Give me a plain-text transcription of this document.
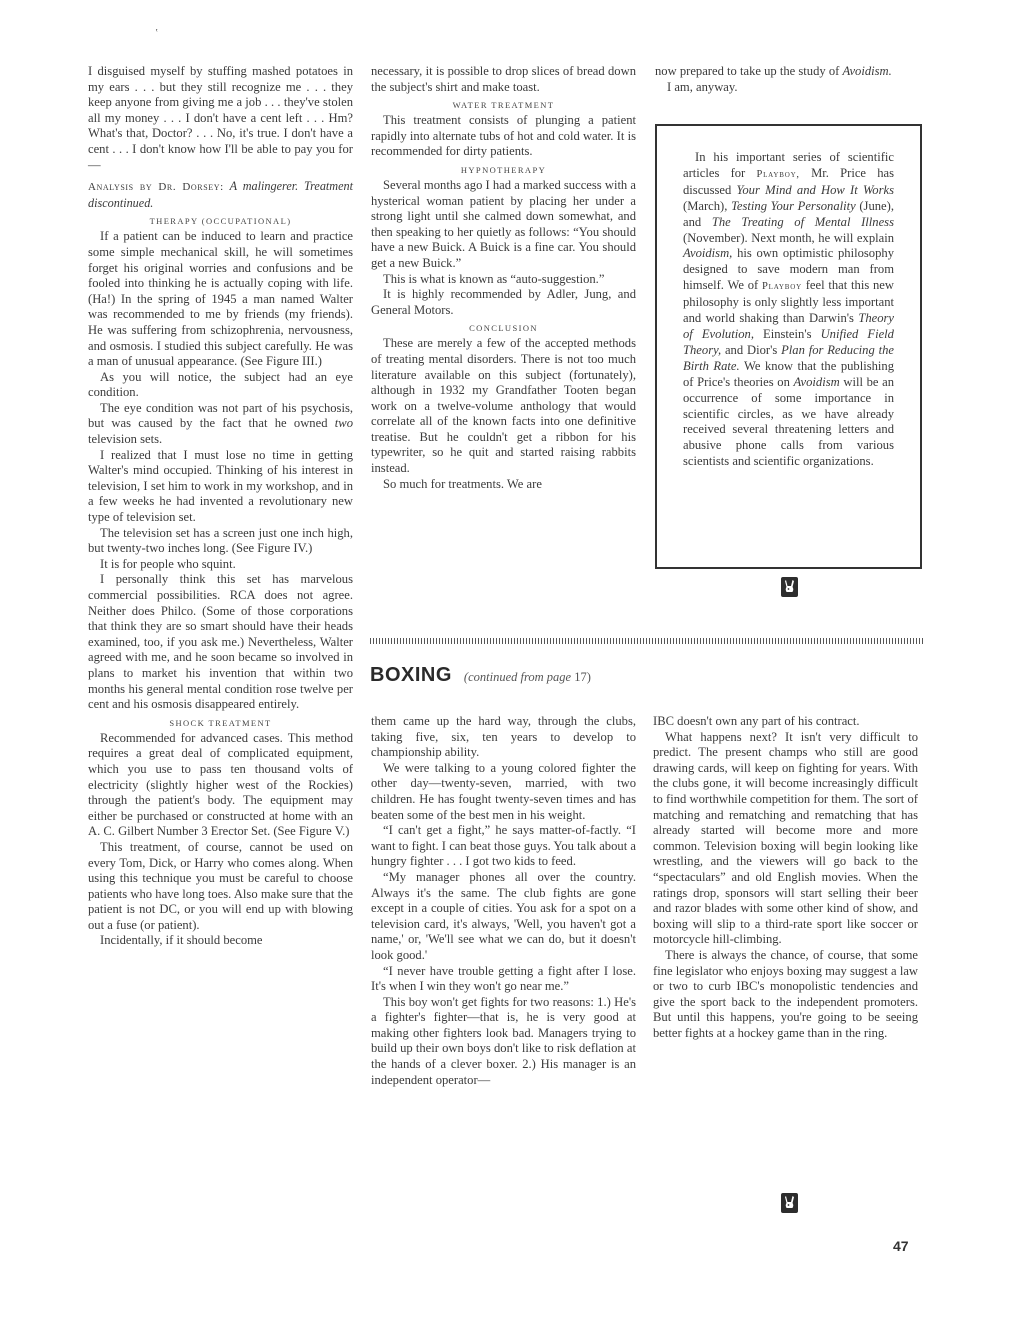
ʽ

I disguised myself by stuffing mashed potatoes in my ears . . . but they still recognize me . . . they keep anyone from giving me a job . . . they've stolen all my money . . . I don't have a cent left . . . Hm? What's that, Doctor? . . . No, it's true. I don't have a cent . . . I don't know how I'll be able to pay you for—

Analysis by Dr. Dorsey: A malingerer. Treatment discontinued.

THERAPY (OCCUPATIONAL)

If a patient can be induced to learn and practice some simple mechanical skill, he will sometimes forget his original worries and confusions and be fooled into thinking he is actually coping with life. (Ha!) In the spring of 1945 a man named Walter was recommended to me by friends (my friends). He was suffering from schizophrenia, nervousness, and osmosis. I studied this subject carefully. He was a man of unusual appearance. (See Figure III.)

As you will notice, the subject had an eye condition.

The eye condition was not part of his psychosis, but was caused by the fact that he owned two television sets.

I realized that I must lose no time in getting Walter's mind occupied. Thinking of his interest in television, I set him to work in my workshop, and in a few weeks he had invented a revolutionary new type of television set.

The television set has a screen just one inch high, but twenty-two inches long. (See Figure IV.)

It is for people who squint.

I personally think this set has marvelous commercial possibilities. RCA does not agree. Neither does Philco. (Some of those corporations that think they are so smart should have their heads examined, too, if you ask me.) Nevertheless, Walter agreed with me, and he soon became so involved in plans to market his invention that within two months his general mental condition rose twelve per cent and his osmosis disappeared entirely.

SHOCK TREATMENT

Recommended for advanced cases. This method requires a great deal of complicated equipment, which you use to pass ten thousand volts of electricity (slightly higher west of the Rockies) through the patient's body. The equipment may either be purchased or constructed at home with an A. C. Gilbert Number 3 Erector Set. (See Figure V.)

This treatment, of course, cannot be used on every Tom, Dick, or Harry who comes along. When using this technique you must be careful to choose patients who have long toes. Also make sure that the patient is not DC, or you will end up with blowing out a fuse (or patient).

Incidentally, if it should become

necessary, it is possible to drop slices of bread down the subject's shirt and make toast.

WATER TREATMENT

This treatment consists of plunging a patient rapidly into alternate tubs of hot and cold water. It is recommended for dirty patients.

HYPNOTHERAPY

Several months ago I had a marked success with a hysterical woman patient by placing her under a strong light until she calmed down somewhat, and then speaking to her quietly as follows: “You should have a new Buick. A Buick is a fine car. You should get a new Buick.”

This is what is known as “auto-suggestion.”

It is highly recommended by Adler, Jung, and General Motors.

CONCLUSION

These are merely a few of the accepted methods of treating mental disorders. There is not too much literature available on this subject (fortunately), although in 1932 my Grandfather Tooten began work on a twelve-volume anthology that would correlate all of the known facts into one definitive treatise. But he couldn't get a ribbon for his typewriter, so he quit and started raising rabbits instead.

So much for treatments. We are

now prepared to take up the study of Avoidism.

I am, anyway.

In his important series of scientific articles for Playboy, Mr. Price has discussed Your Mind and How It Works (March), Testing Your Personality (June), and The Treating of Mental Illness (November). Next month, he will explain Avoidism, his own optimistic philosophy designed to save modern man from himself. We of Playboy feel that this new philosophy is only slightly less important and world shaking than Darwin's Theory of Evolution, Einstein's Unified Field Theory, and Dior's Plan for Reducing the Birth Rate. We know that the publishing of Price's theories on Avoidism will be an occurrence of some importance in scientific circles, as we have already received several threatening letters and abusive phone calls from various scientists and scientific organizations.

BOXING (continued from page 17)

them came up the hard way, through the clubs, taking five, six, ten years to develop to championship ability.

We were talking to a young colored fighter the other day—twenty-seven, married, with two children. He has fought twenty-seven times and has beaten some of the best men in his weight.

“I can't get a fight,” he says matter-of-factly. “I want to fight. I can beat those guys. You talk about a hungry fighter . . . I got two kids to feed.

“My manager phones all over the country. Always it's the same. The club fights are gone except in a couple of cities. You ask for a spot on a television card, it's always, 'Well, you haven't got a name,' or, 'We'll see what we can do, but it doesn't look good.'

“I never have trouble getting a fight after I lose. It's when I win they won't go near me.”

This boy won't get fights for two reasons: 1.) He's a fighter's fighter—that is, he is very good at making other fighters look bad. Managers trying to build up their own boys don't like to risk deflation at the hands of a clever boxer. 2.) His manager is an independent operator—

IBC doesn't own any part of his contract.

What happens next? It isn't very difficult to predict. The present champs who still are good drawing cards, will keep on fighting for years. With the clubs gone, it will become increasingly difficult to find worthwhile competition for them. The sort of matching and rematching and rematching that has already started will become more and more common. Television boxing will begin looking like wrestling, and the viewers will go back to the “spectaculars” and old English movies. When the ratings drop, sponsors will start selling their beer and razor blades with some other kind of show, and boxing will slip to a third-rate sport like soccer or motorcycle hill-climbing.

There is always the chance, of course, that some fine legislator who enjoys boxing may suggest a law or two to curb IBC's monopolistic tendencies and give the sport back to the independent promoters. But until this happens, you're going to be seeing better fights at a hockey game than in the ring.

47
